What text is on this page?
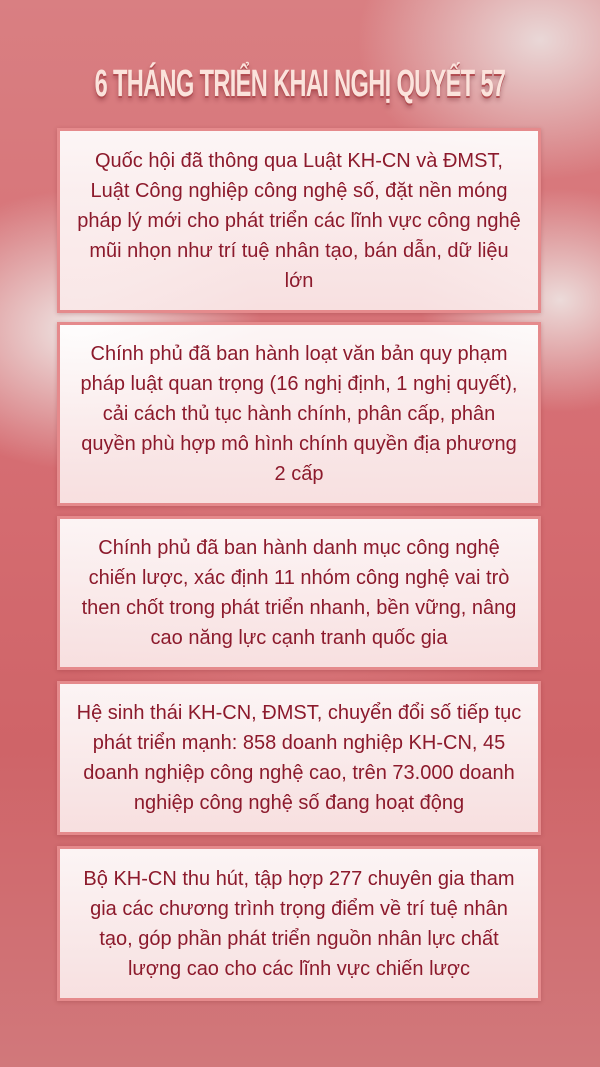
6 THÁNG TRIỂN KHAI NGHỊ QUYẾT 57

Quốc hội đã thông qua Luật KH-CN và ĐMST, Luật Công nghiệp công nghệ số, đặt nền móng pháp lý mới cho phát triển các lĩnh vực công nghệ mũi nhọn như trí tuệ nhân tạo, bán dẫn, dữ liệu lớn

Chính phủ đã ban hành loạt văn bản quy phạm pháp luật quan trọng (16 nghị định, 1 nghị quyết), cải cách thủ tục hành chính, phân cấp, phân quyền phù hợp mô hình chính quyền địa phương 2 cấp

Chính phủ đã ban hành danh mục công nghệ chiến lược, xác định 11 nhóm công nghệ vai trò then chốt trong phát triển nhanh, bền vững, nâng cao năng lực cạnh tranh quốc gia

Hệ sinh thái KH-CN, ĐMST, chuyển đổi số tiếp tục phát triển mạnh: 858 doanh nghiệp KH-CN, 45 doanh nghiệp công nghệ cao, trên 73.000 doanh nghiệp công nghệ số đang hoạt động

Bộ KH-CN thu hút, tập hợp 277 chuyên gia tham gia các chương trình trọng điểm về trí tuệ nhân tạo, góp phần phát triển nguồn nhân lực chất lượng cao cho các lĩnh vực chiến lược
